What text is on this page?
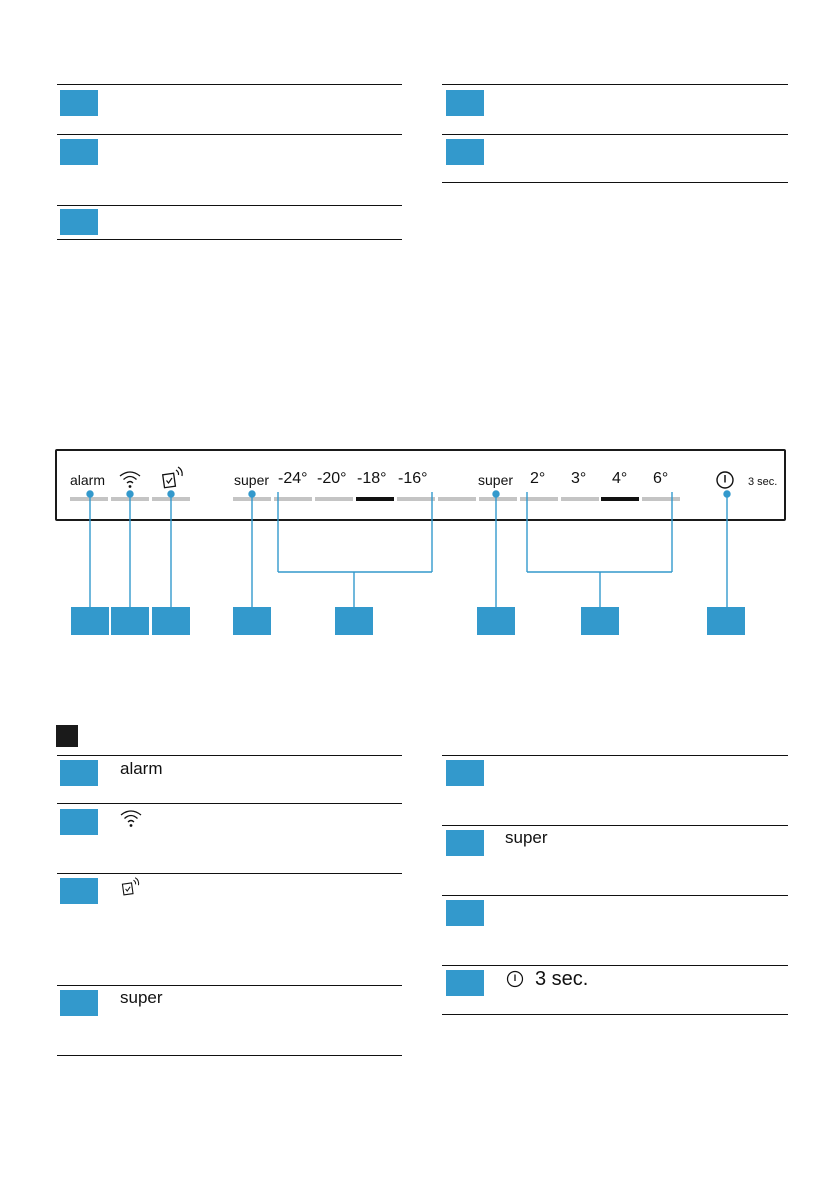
alarm	super -24° -20° -18° -16°	super 2° 3° 4° 6°	3 sec.
alarm
super
super
3 sec.
